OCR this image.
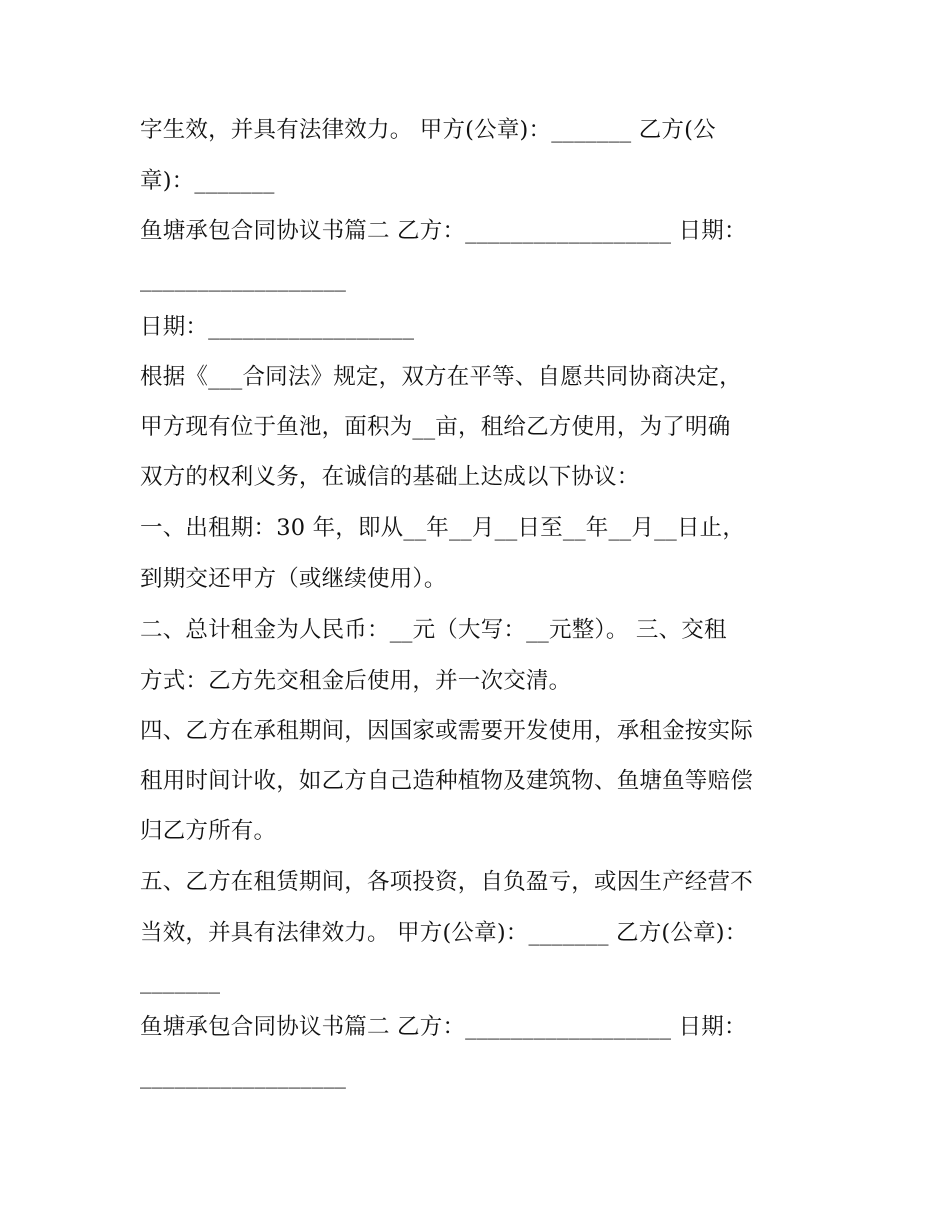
字生效，并具有法律效力。 甲方(公章)：_______ 乙方(公
章)：_______
鱼塘承包合同协议书篇二 乙方：__________________ 日期：
__________________
日期：__________________
根据《___合同法》规定，双方在平等、自愿共同协商决定，
甲方现有位于鱼池，面积为__亩，租给乙方使用，为了明确
双方的权利义务，在诚信的基础上达成以下协议：
一、出租期：30 年，即从__年__月__日至__年__月__日止，
到期交还甲方（或继续使用）。
二、总计租金为人民币：__元（大写：__元整）。 三、交租
方式：乙方先交租金后使用，并一次交清。
四、乙方在承租期间，因国家或需要开发使用，承租金按实际
租用时间计收，如乙方自己造种植物及建筑物、鱼塘鱼等赔偿
归乙方所有。
五、乙方在租赁期间，各项投资，自负盈亏，或因生产经营不
当效，并具有法律效力。 甲方(公章)：_______ 乙方(公章)：
_______
鱼塘承包合同协议书篇二 乙方：__________________ 日期：
__________________
